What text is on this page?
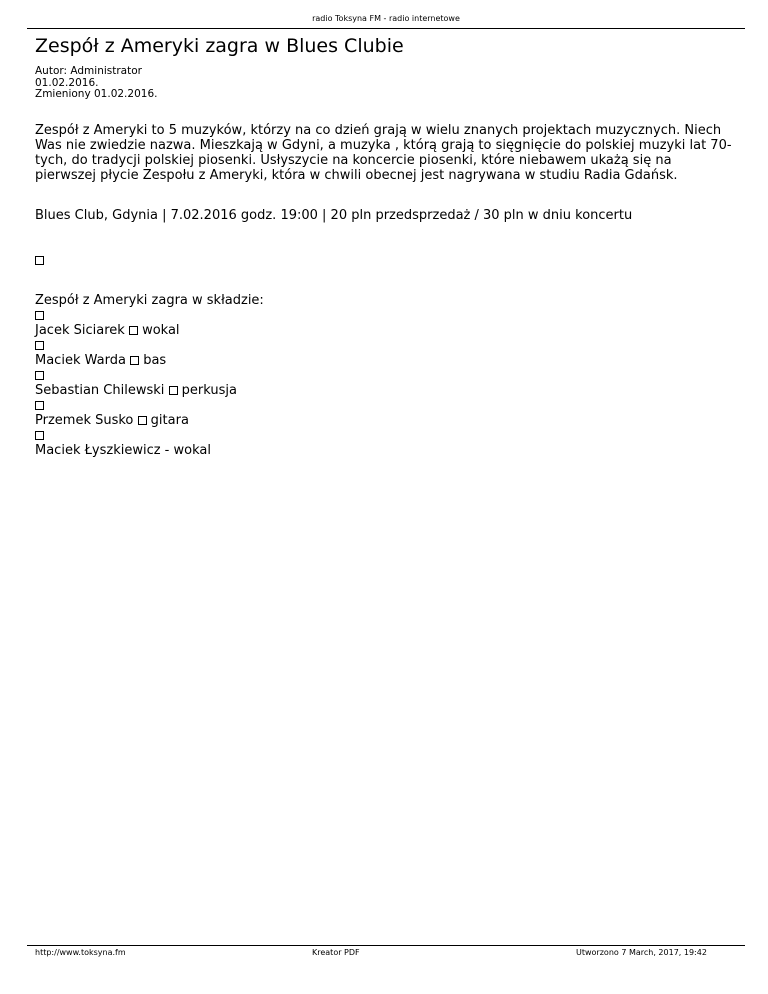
radio Toksyna FM - radio internetowe
Zespół z Ameryki zagra w Blues Clubie
Autor: Administrator
01.02.2016.
Zmieniony 01.02.2016.
Zespół z Ameryki to 5 muzyków, którzy na co dzień grają w wielu znanych projektach muzycznych. Niech Was nie zwiedzie nazwa. Mieszkają w Gdyni, a muzyka , którą grają to sięgnięcie do polskiej muzyki lat 70-tych, do tradycji polskiej piosenki. Usłyszycie na koncercie piosenki, które niebawem ukażą się na pierwszej płycie Zespołu z Ameryki, która w chwili obecnej jest nagrywana w studiu Radia Gdańsk.
Blues Club, Gdynia | 7.02.2016 godz. 19:00 | 20 pln przedsprzedaż / 30 pln w dniu koncertu
Zespół z Ameryki zagra w składzie:
Jacek Siciarek wokal
Maciek Warda bas
Sebastian Chilewski perkusja
Przemek Susko gitara
Maciek Łyszkiewicz - wokal
http://www.toksyna.fm	Kreator PDF	Utworzono 7 March, 2017, 19:42
